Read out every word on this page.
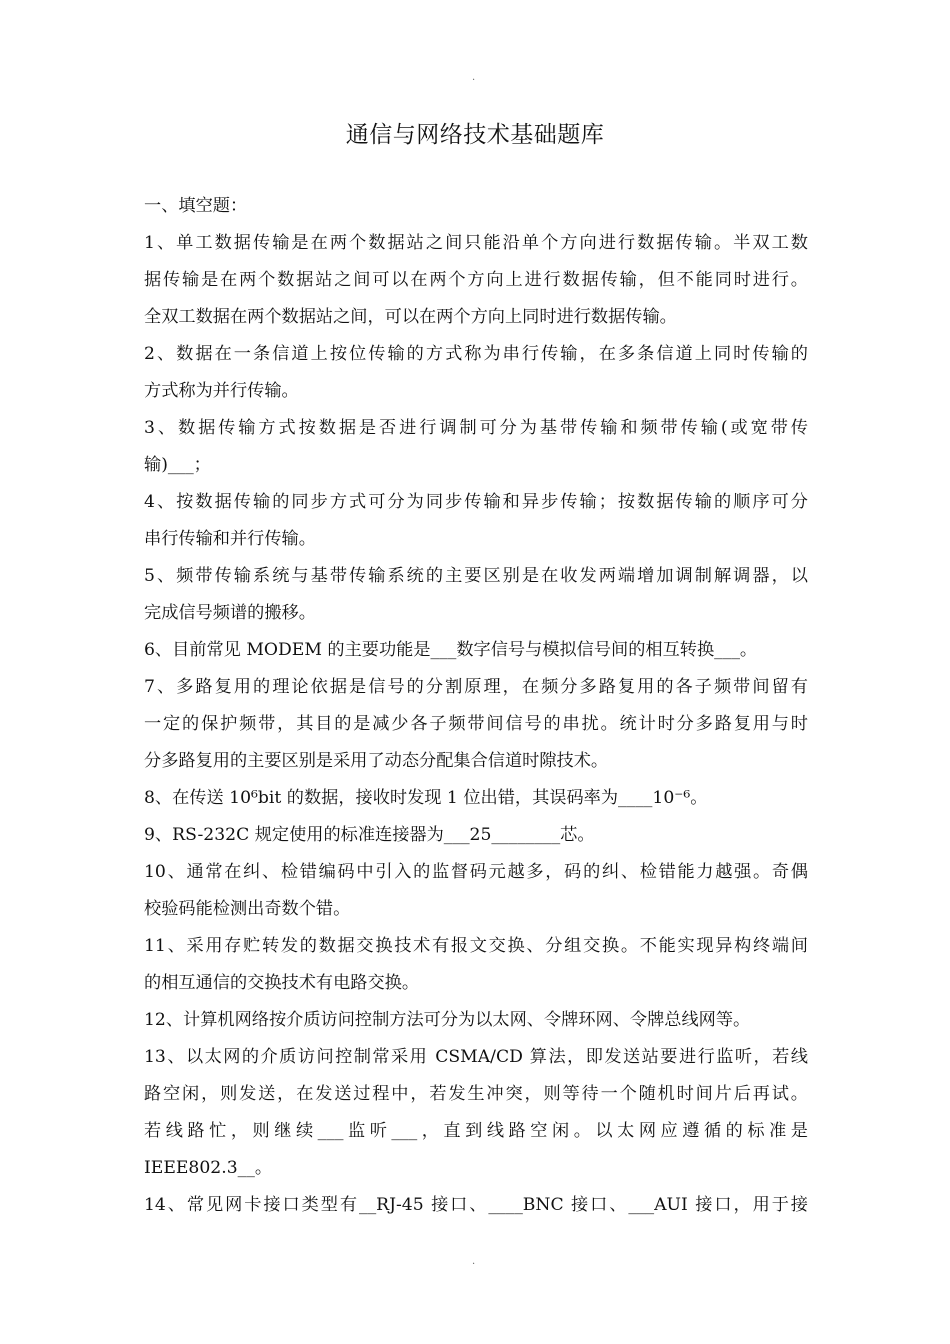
.
通信与网络技术基础题库
一、填空题：
1、单工数据传输是在两个数据站之间只能沿单个方向进行数据传输。半双工数
据传输是在两个数据站之间可以在两个方向上进行数据传输，但不能同时进行。
全双工数据在两个数据站之间，可以在两个方向上同时进行数据传输。
2、数据在一条信道上按位传输的方式称为串行传输，在多条信道上同时传输的
方式称为并行传输。
3、数据传输方式按数据是否进行调制可分为基带传输和频带传输(或宽带传
输)___；
4、按数据传输的同步方式可分为同步传输和异步传输；按数据传输的顺序可分
串行传输和并行传输。
5、频带传输系统与基带传输系统的主要区别是在收发两端增加调制解调器，以
完成信号频谱的搬移。
6、目前常见 MODEM 的主要功能是___数字信号与模拟信号间的相互转换___。
7、多路复用的理论依据是信号的分割原理，在频分多路复用的各子频带间留有
一定的保护频带，其目的是减少各子频带间信号的串扰。统计时分多路复用与时
分多路复用的主要区别是采用了动态分配集合信道时隙技术。
8、在传送 10⁶bit 的数据，接收时发现 1 位出错，其误码率为____10⁻⁶。
9、RS-232C 规定使用的标准连接器为___25________芯。
10、通常在纠、检错编码中引入的监督码元越多，码的纠、检错能力越强。奇偶
校验码能检测出奇数个错。
11、采用存贮转发的数据交换技术有报文交换、分组交换。不能实现异构终端间
的相互通信的交换技术有电路交换。
12、计算机网络按介质访问控制方法可分为以太网、令牌环网、令牌总线网等。
13、以太网的介质访问控制常采用 CSMA/CD 算法，即发送站要进行监听，若线
路空闲，则发送，在发送过程中，若发生冲突，则等待一个随机时间片后再试。
若线路忙，则继续___监听___，直到线路空闲。以太网应遵循的标准是
IEEE802.3__。
14、常见网卡接口类型有__RJ-45 接口、____BNC 接口、___AUI 接口，用于接
.
